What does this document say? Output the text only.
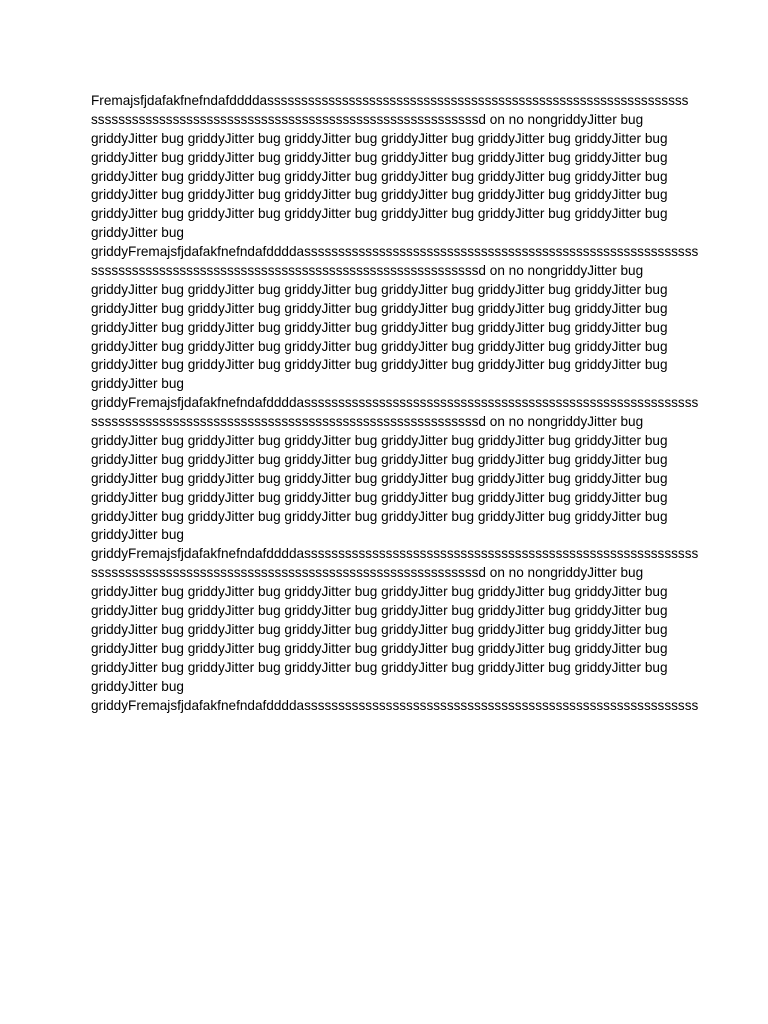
Fremajsfjdafakfnefndafddddassssssssssssssssssssssssssssssssssssssssssssssssssssssssssssss
sssssssssssssssssssssssssssssssssssssssssssssssssssssssssd on no nongriddyJitter bug
griddyJitter bug griddyJitter bug griddyJitter bug griddyJitter bug griddyJitter bug griddyJitter bug
griddyJitter bug griddyJitter bug griddyJitter bug griddyJitter bug griddyJitter bug griddyJitter bug
griddyJitter bug griddyJitter bug griddyJitter bug griddyJitter bug griddyJitter bug griddyJitter bug
griddyJitter bug griddyJitter bug griddyJitter bug griddyJitter bug griddyJitter bug griddyJitter bug
griddyJitter bug griddyJitter bug griddyJitter bug griddyJitter bug griddyJitter bug griddyJitter bug
griddyJitter bug
griddyFremajsfjdafakfnefndafddddassssssssssssssssssssssssssssssssssssssssssssssssssssssssss
sssssssssssssssssssssssssssssssssssssssssssssssssssssssssd on no nongriddyJitter bug
griddyJitter bug griddyJitter bug griddyJitter bug griddyJitter bug griddyJitter bug griddyJitter bug
griddyJitter bug griddyJitter bug griddyJitter bug griddyJitter bug griddyJitter bug griddyJitter bug
griddyJitter bug griddyJitter bug griddyJitter bug griddyJitter bug griddyJitter bug griddyJitter bug
griddyJitter bug griddyJitter bug griddyJitter bug griddyJitter bug griddyJitter bug griddyJitter bug
griddyJitter bug griddyJitter bug griddyJitter bug griddyJitter bug griddyJitter bug griddyJitter bug
griddyJitter bug
griddyFremajsfjdafakfnefndafddddassssssssssssssssssssssssssssssssssssssssssssssssssssssssss
sssssssssssssssssssssssssssssssssssssssssssssssssssssssssd on no nongriddyJitter bug
griddyJitter bug griddyJitter bug griddyJitter bug griddyJitter bug griddyJitter bug griddyJitter bug
griddyJitter bug griddyJitter bug griddyJitter bug griddyJitter bug griddyJitter bug griddyJitter bug
griddyJitter bug griddyJitter bug griddyJitter bug griddyJitter bug griddyJitter bug griddyJitter bug
griddyJitter bug griddyJitter bug griddyJitter bug griddyJitter bug griddyJitter bug griddyJitter bug
griddyJitter bug griddyJitter bug griddyJitter bug griddyJitter bug griddyJitter bug griddyJitter bug
griddyJitter bug
griddyFremajsfjdafakfnefndafddddassssssssssssssssssssssssssssssssssssssssssssssssssssssssss
sssssssssssssssssssssssssssssssssssssssssssssssssssssssssd on no nongriddyJitter bug
griddyJitter bug griddyJitter bug griddyJitter bug griddyJitter bug griddyJitter bug griddyJitter bug
griddyJitter bug griddyJitter bug griddyJitter bug griddyJitter bug griddyJitter bug griddyJitter bug
griddyJitter bug griddyJitter bug griddyJitter bug griddyJitter bug griddyJitter bug griddyJitter bug
griddyJitter bug griddyJitter bug griddyJitter bug griddyJitter bug griddyJitter bug griddyJitter bug
griddyJitter bug griddyJitter bug griddyJitter bug griddyJitter bug griddyJitter bug griddyJitter bug
griddyJitter bug
griddyFremajsfjdafakfnefndafddddassssssssssssssssssssssssssssssssssssssssssssssssssssssssss
